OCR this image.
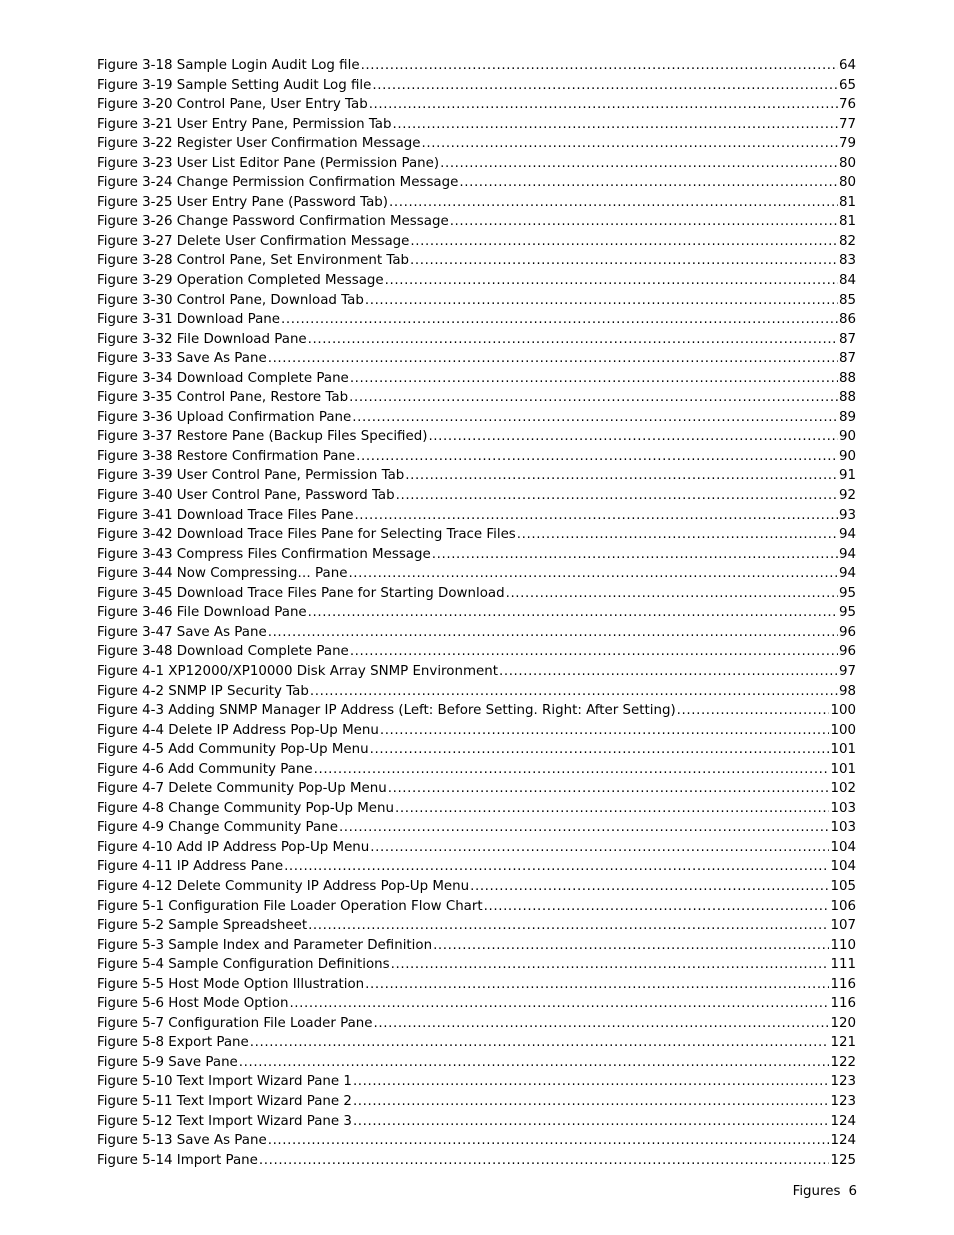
Figure 3-18 Sample Login Audit Log file .....	64
Figure 3-19 Sample Setting Audit Log file .....	65
Figure 3-20 Control Pane, User Entry Tab .....	76
Figure 3-21 User Entry Pane, Permission Tab .....	77
Figure 3-22 Register User Confirmation Message .....	79
Figure 3-23 User List Editor Pane (Permission Pane) .....	80
Figure 3-24 Change Permission Confirmation Message .....	80
Figure 3-25 User Entry Pane (Password Tab) .....	81
Figure 3-26 Change Password Confirmation Message .....	81
Figure 3-27 Delete User Confirmation Message .....	82
Figure 3-28 Control Pane, Set Environment Tab .....	83
Figure 3-29 Operation Completed Message .....	84
Figure 3-30 Control Pane, Download Tab .....	85
Figure 3-31 Download Pane .....	86
Figure 3-32 File Download Pane .....	87
Figure 3-33 Save As Pane .....	87
Figure 3-34 Download Complete Pane .....	88
Figure 3-35 Control Pane, Restore Tab .....	88
Figure 3-36 Upload Confirmation Pane .....	89
Figure 3-37 Restore Pane (Backup Files Specified) .....	90
Figure 3-38 Restore Confirmation Pane .....	90
Figure 3-39 User Control Pane, Permission Tab .....	91
Figure 3-40 User Control Pane, Password Tab .....	92
Figure 3-41 Download Trace Files Pane .....	93
Figure 3-42 Download Trace Files Pane for Selecting Trace Files .....	94
Figure 3-43 Compress Files Confirmation Message .....	94
Figure 3-44 Now Compressing… Pane .....	94
Figure 3-45 Download Trace Files Pane for Starting Download .....	95
Figure 3-46 File Download Pane .....	95
Figure 3-47 Save As Pane .....	96
Figure 3-48 Download Complete Pane .....	96
Figure 4-1 XP12000/XP10000 Disk Array SNMP Environment .....	97
Figure 4-2 SNMP IP Security Tab .....	98
Figure 4-3 Adding SNMP Manager IP Address (Left: Before Setting. Right: After Setting) .....	100
Figure 4-4 Delete IP Address Pop-Up Menu .....	100
Figure 4-5 Add Community Pop-Up Menu .....	101
Figure 4-6 Add Community Pane .....	101
Figure 4-7 Delete Community Pop-Up Menu .....	102
Figure 4-8 Change Community Pop-Up Menu .....	103
Figure 4-9 Change Community Pane .....	103
Figure 4-10 Add IP Address Pop-Up Menu .....	104
Figure 4-11 IP Address Pane .....	104
Figure 4-12 Delete Community IP Address Pop-Up Menu .....	105
Figure 5-1 Configuration File Loader Operation Flow Chart .....	106
Figure 5-2 Sample Spreadsheet .....	107
Figure 5-3 Sample Index and Parameter Definition .....	110
Figure 5-4 Sample Configuration Definitions .....	111
Figure 5-5 Host Mode Option Illustration .....	116
Figure 5-6 Host Mode Option .....	116
Figure 5-7 Configuration File Loader Pane .....	120
Figure 5-8 Export Pane .....	121
Figure 5-9 Save Pane .....	122
Figure 5-10 Text Import Wizard Pane 1 .....	123
Figure 5-11 Text Import Wizard Pane 2 .....	123
Figure 5-12 Text Import Wizard Pane 3 .....	124
Figure 5-13 Save As Pane .....	124
Figure 5-14 Import Pane .....	125
Figures 6
